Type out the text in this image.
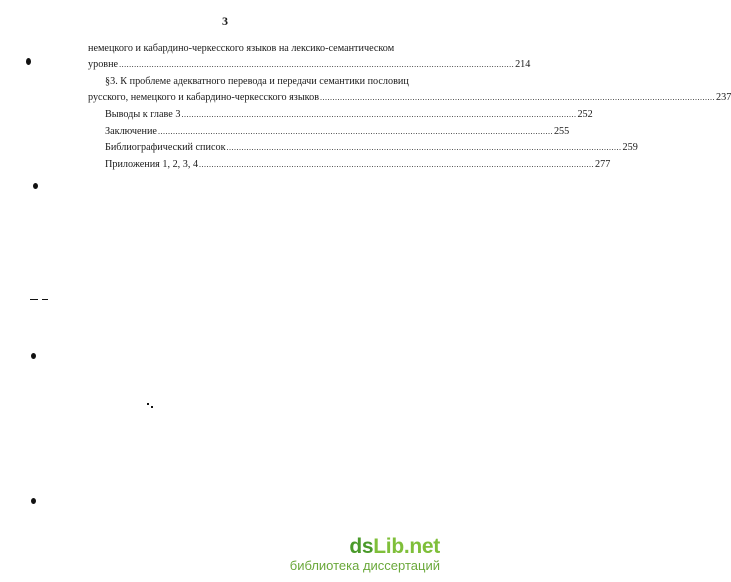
3
немецкого и кабардино-черкесского языков на лексико-семантическом
уровне .............................................................................................................................................................. 214
§3. К проблеме адекватного перевода и передачи семантики пословиц
русского, немецкого и кабардино-черкесского языков .............................................................................................................................................................. 237
Выводы к главе 3 .............................................................................................................................................................. 252
Заключение .............................................................................................................................................................. 255
Библиографический список .............................................................................................................................................................. 259
Приложения 1, 2, 3, 4 .............................................................................................................................................................. 277
dsLib.net
библиотека диссертаций
